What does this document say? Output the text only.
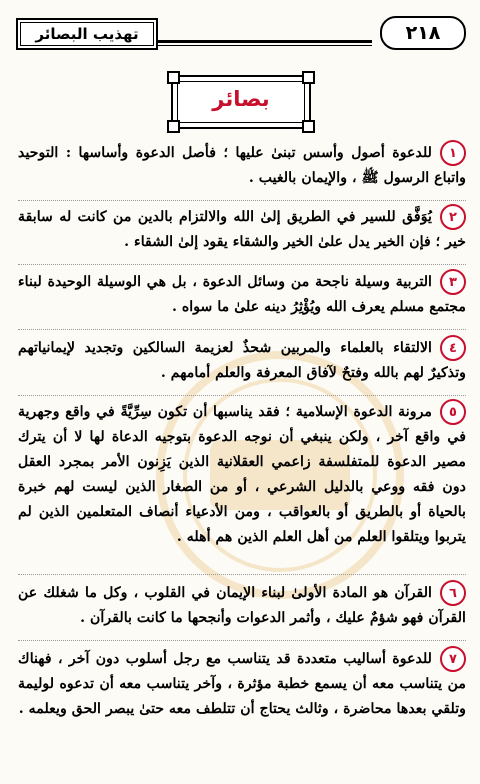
تهذيب البصائر	٢١٨
بصائر

١للدعوة أصول وأسس تبنىٰ عليها ؛ فأصل الدعوة وأساسها : التوحيد واتباع الرسول ﷺ ، والإيمان بالغيب .

٢يُوَفَّق للسير في الطريق إلىٰ الله والالتزام بالدين من كانت له سابقة خير ؛ فإن الخير يدل علىٰ الخير والشقاء يقود إلىٰ الشقاء .

٣التربية وسيلة ناجحة من وسائل الدعوة ، بل هي الوسيلة الوحيدة لبناء مجتمع مسلم يعرف الله ويُؤْثِرُ دينه علىٰ ما سواه .

٤الالتقاء بالعلماء والمربين شحذٌ لعزيمة السالكين وتجديد لإيمانياتهم وتذكيرٌ لهم بالله وفتحٌ لآفاق المعرفة والعلم أمامهم .

٥مرونة الدعوة الإسلامية ؛ فقد يناسبها أن تكون سِرِّيَّةً في واقع وجهرية في واقع آخر ، ولكن ينبغي أن نوجه الدعوة بتوجيه الدعاة لها لا أن يترك مصير الدعوة للمتفلسفة زاعمي العقلانية الذين يَزِنون الأمر بمجرد العقل دون فقه ووعي بالدليل الشرعي ، أو من الصغار الذين ليست لهم خبرة بالحياة أو بالطريق أو بالعواقب ، ومن الأدعياء أنصاف المتعلمين الذين لم يتربوا ويتلقوا العلم من أهل العلم الذين هم أهله .

٦القرآن هو المادة الأولىٰ لبناء الإيمان في القلوب ، وكل ما شغلك عن القرآن فهو شؤمٌ عليك ، وأثمر الدعوات وأنجحها ما كانت بالقرآن .

٧للدعوة أساليب متعددة قد يتناسب مع رجل أسلوب دون آخر ، فهناك من يتناسب معه أن يسمع خطبة مؤثرة ، وآخر يتناسب معه أن تدعوه لوليمة وتلقي بعدها محاضرة ، وثالث يحتاج أن تتلطف معه حتىٰ يبصر الحق ويعلمه .
